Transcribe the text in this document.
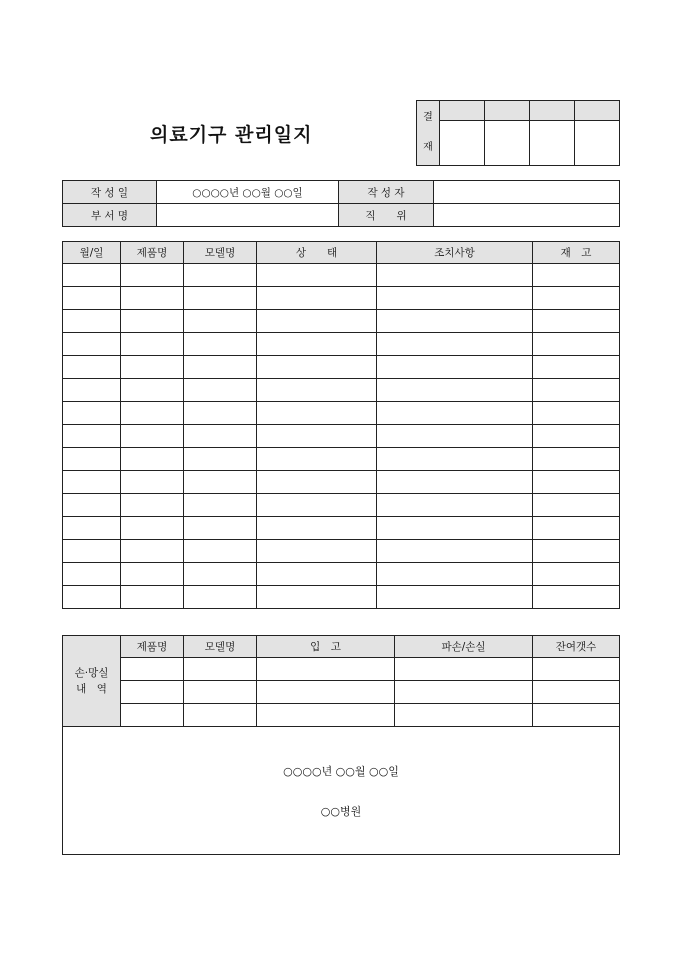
의료기구 관리일지
결
재				

작 성 일	○○○○년 ○○월 ○○일	작 성 자	
부 서 명		직　　위	
월/일	제품명	모델명	상　　태	조치사항	재　고

손·망실
내　역	제품명	모델명	입　고	파손/손실	잔여갯수

○○○○년 ○○월 ○○일
○○병원					
